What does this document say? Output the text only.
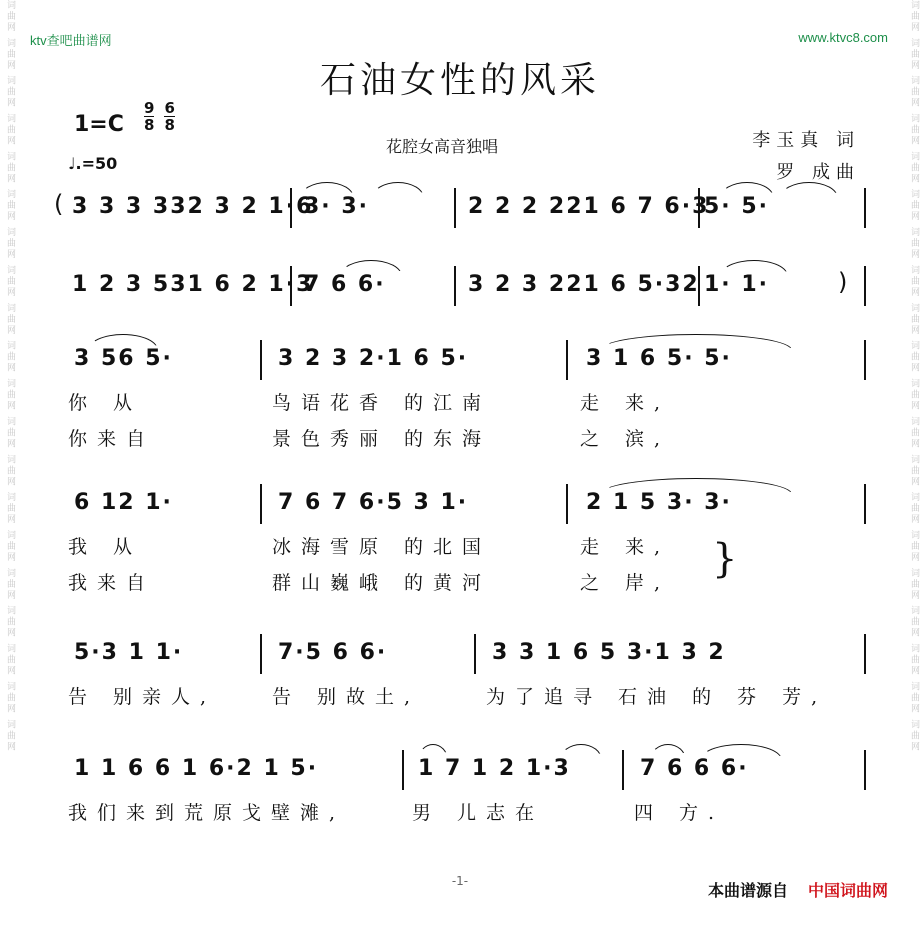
词曲网 词曲网 词曲网 词曲网 词曲网 词曲网 词曲网 词曲网 词曲网 词曲网 词曲网 词曲网 词曲网 词曲网 词曲网 词曲网 词曲网 词曲网 词曲网 词曲网	词曲网 词曲网 词曲网 词曲网 词曲网 词曲网 词曲网 词曲网 词曲网 词曲网 词曲网 词曲网 词曲网 词曲网 词曲网 词曲网 词曲网 词曲网 词曲网 词曲网
ktv查吧曲谱网	www.ktvc8.com
石油女性的风采
$1=C \frac{9}{8} \frac{6}{8}$
♩.=50
花腔女高音独唱	李玉真 词
罗 成曲
3 3 3 332 3 2 1·6
3· 3·	2 2 2 221 6 7 6·3
5· 5·
(
1 2 3 531 6 2 1·3
7 6 6·	3 2 3 221 6 5·32 1· 1·	)
3 56 5·	3 2 3 2·1 6 5·	3 1 6 5· 5·
你 从	鸟语花香 的江南	走 来,
你来自	景色秀丽 的东海	之 滨,
6 12 1·	7 6 7 6·5 3 1·	2 1 5 3· 3·
我 从	冰海雪原 的北国	走 来,
我来自	群山巍峨 的黄河	之 岸,
}
5·3 1 1·	7·5 6 6·	3 3 1 6 5 3·1 3 2
告 别亲人,	告 别故土,	为了追寻 石油 的 芬 芳,
1 1 6 6 1 6·2 1 5·	1 7 1 2 1·3	7 6 6 6·
我们来到荒原戈壁滩,	男 儿志在	四 方.
-1-	本曲谱源自 中国词曲网
